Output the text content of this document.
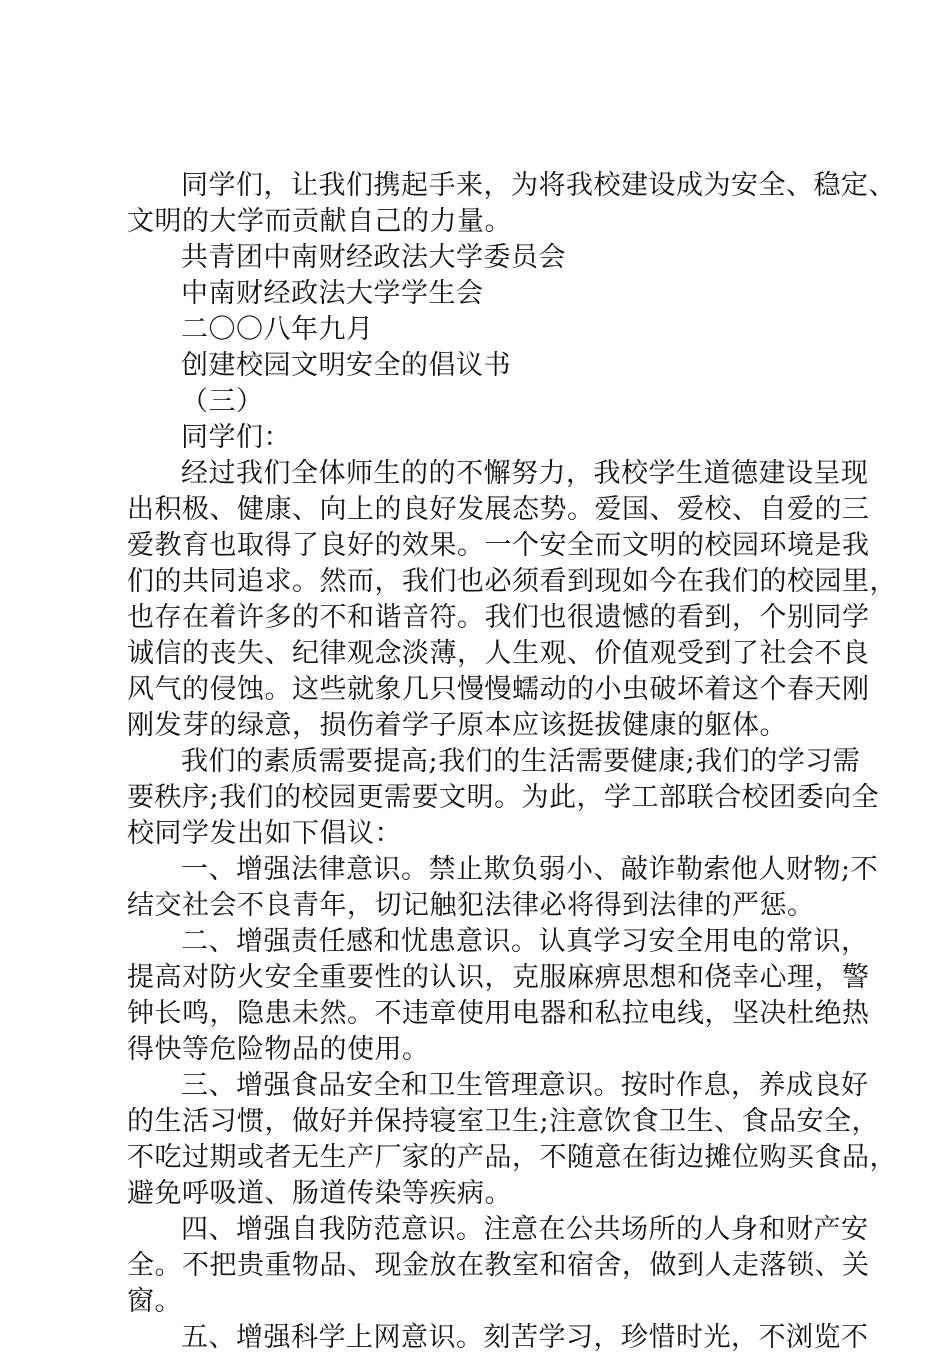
同学们，让我们携起手来，为将我校建设成为安全、稳定、
文明的大学而贡献自己的力量。
共青团中南财经政法大学委员会
中南财经政法大学学生会
二〇〇八年九月
创建校园文明安全的倡议书
（三）
同学们：
经过我们全体师生的的不懈努力，我校学生道德建设呈现
出积极、健康、向上的良好发展态势。爱国、爱校、自爱的三
爱教育也取得了良好的效果。一个安全而文明的校园环境是我
们的共同追求。然而，我们也必须看到现如今在我们的校园里，
也存在着许多的不和谐音符。我们也很遗憾的看到，个别同学
诚信的丧失、纪律观念淡薄，人生观、价值观受到了社会不良
风气的侵蚀。这些就象几只慢慢蠕动的小虫破坏着这个春天刚
刚发芽的绿意，损伤着学子原本应该挺拔健康的躯体。
我们的素质需要提高;我们的生活需要健康;我们的学习需
要秩序;我们的校园更需要文明。为此，学工部联合校团委向全
校同学发出如下倡议：
一、增强法律意识。禁止欺负弱小、敲诈勒索他人财物;不
结交社会不良青年，切记触犯法律必将得到法律的严惩。
二、增强责任感和忧患意识。认真学习安全用电的常识，
提高对防火安全重要性的认识，克服麻痹思想和侥幸心理，警
钟长鸣，隐患未然。不违章使用电器和私拉电线，坚决杜绝热
得快等危险物品的使用。
三、增强食品安全和卫生管理意识。按时作息，养成良好
的生活习惯，做好并保持寝室卫生;注意饮食卫生、食品安全，
不吃过期或者无生产厂家的产品，不随意在街边摊位购买食品，
避免呼吸道、肠道传染等疾病。
四、增强自我防范意识。注意在公共场所的人身和财产安
全。不把贵重物品、现金放在教室和宿舍，做到人走落锁、关
窗。
五、增强科学上网意识。刻苦学习，珍惜时光，不浏览不
